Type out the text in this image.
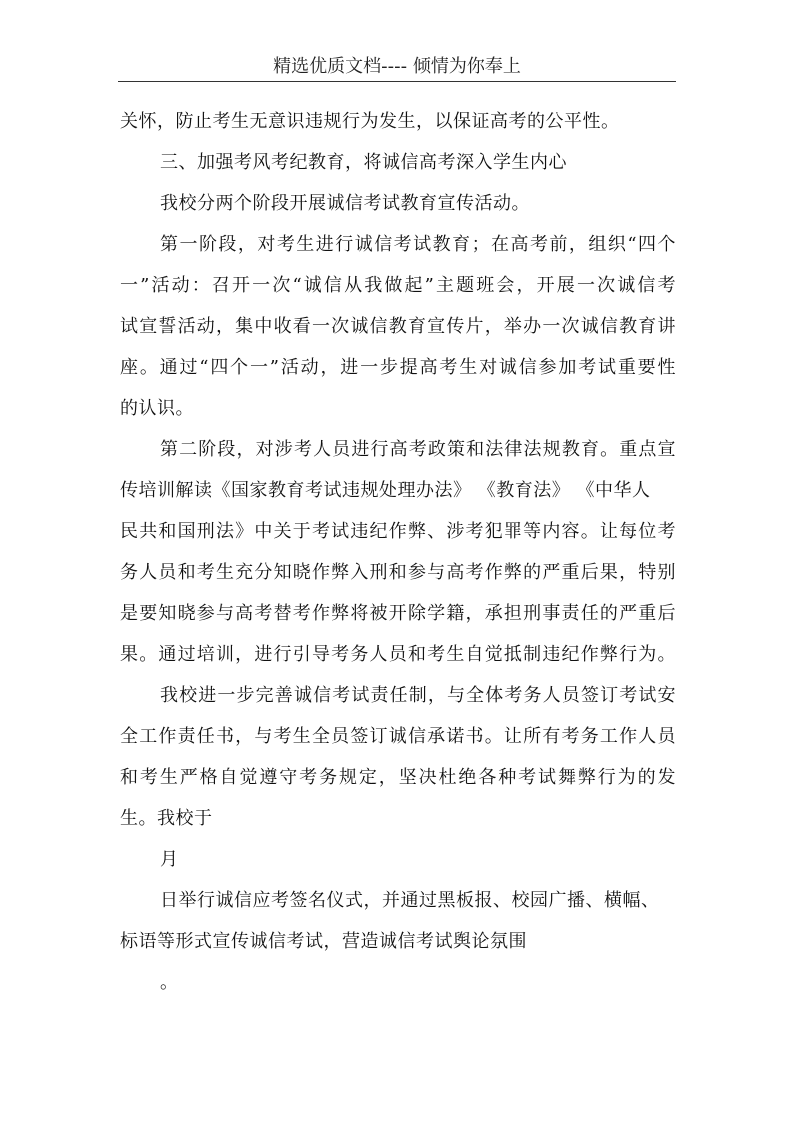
精选优质文档---- 倾情为你奉上
关怀，防止考生无意识违规行为发生，以保证高考的公平性。
三、加强考风考纪教育，将诚信高考深入学生内心
我校分两个阶段开展诚信考试教育宣传活动。
第一阶段，对考生进行诚信考试教育；在高考前，组织“四个
一”活动：召开一次“诚信从我做起”主题班会，开展一次诚信考
试宣誓活动，集中收看一次诚信教育宣传片，举办一次诚信教育讲
座。通过“四个一”活动，进一步提高考生对诚信参加考试重要性
的认识。
第二阶段，对涉考人员进行高考政策和法律法规教育。重点宣
传培训解读《国家教育考试违规处理办法》 《教育法》 《中华人
民共和国刑法》中关于考试违纪作弊、涉考犯罪等内容。让每位考
务人员和考生充分知晓作弊入刑和参与高考作弊的严重后果，特别
是要知晓参与高考替考作弊将被开除学籍，承担刑事责任的严重后
果。通过培训，进行引导考务人员和考生自觉抵制违纪作弊行为。
我校进一步完善诚信考试责任制，与全体考务人员签订考试安
全工作责任书，与考生全员签订诚信承诺书。让所有考务工作人员
和考生严格自觉遵守考务规定，坚决杜绝各种考试舞弊行为的发
生。我校于
月
日举行诚信应考签名仪式，并通过黑板报、校园广播、横幅、
标语等形式宣传诚信考试，营造诚信考试舆论氛围
。
